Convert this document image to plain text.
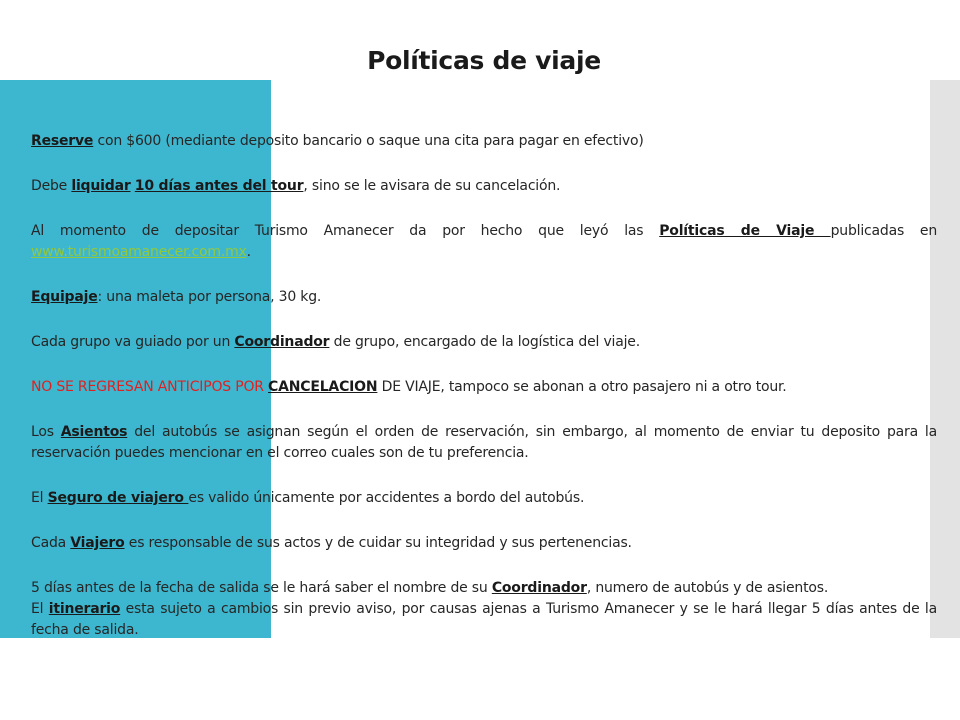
Políticas de viaje

Reserve con $600 (mediante deposito bancario o saque una cita para pagar en efectivo)

Debe liquidar 10 días antes del tour, sino se le avisara de su cancelación.

Al momento de depositar Turismo Amanecer da por hecho que leyó las Políticas de Viaje publicadas en www.turismoamanecer.com.mx.

Equipaje: una maleta por persona, 30 kg.

Cada grupo va guiado por un Coordinador de grupo, encargado de la logística del viaje.

NO SE REGRESAN ANTICIPOS POR CANCELACION DE VIAJE, tampoco se abonan a otro pasajero ni a otro tour.

Los Asientos del autobús se asignan según el orden de reservación, sin embargo, al momento de enviar tu deposito para la reservación puedes mencionar en el correo cuales son de tu preferencia.

El Seguro de viajero es valido únicamente por accidentes a bordo del autobús.

Cada Viajero es responsable de sus actos y de cuidar su integridad y sus pertenencias.

5 días antes de la fecha de salida se le hará saber el nombre de su Coordinador, numero de autobús y de asientos.

El itinerario esta sujeto a cambios sin previo aviso, por causas ajenas a Turismo Amanecer y se le hará llegar 5 días antes de la fecha de salida.
